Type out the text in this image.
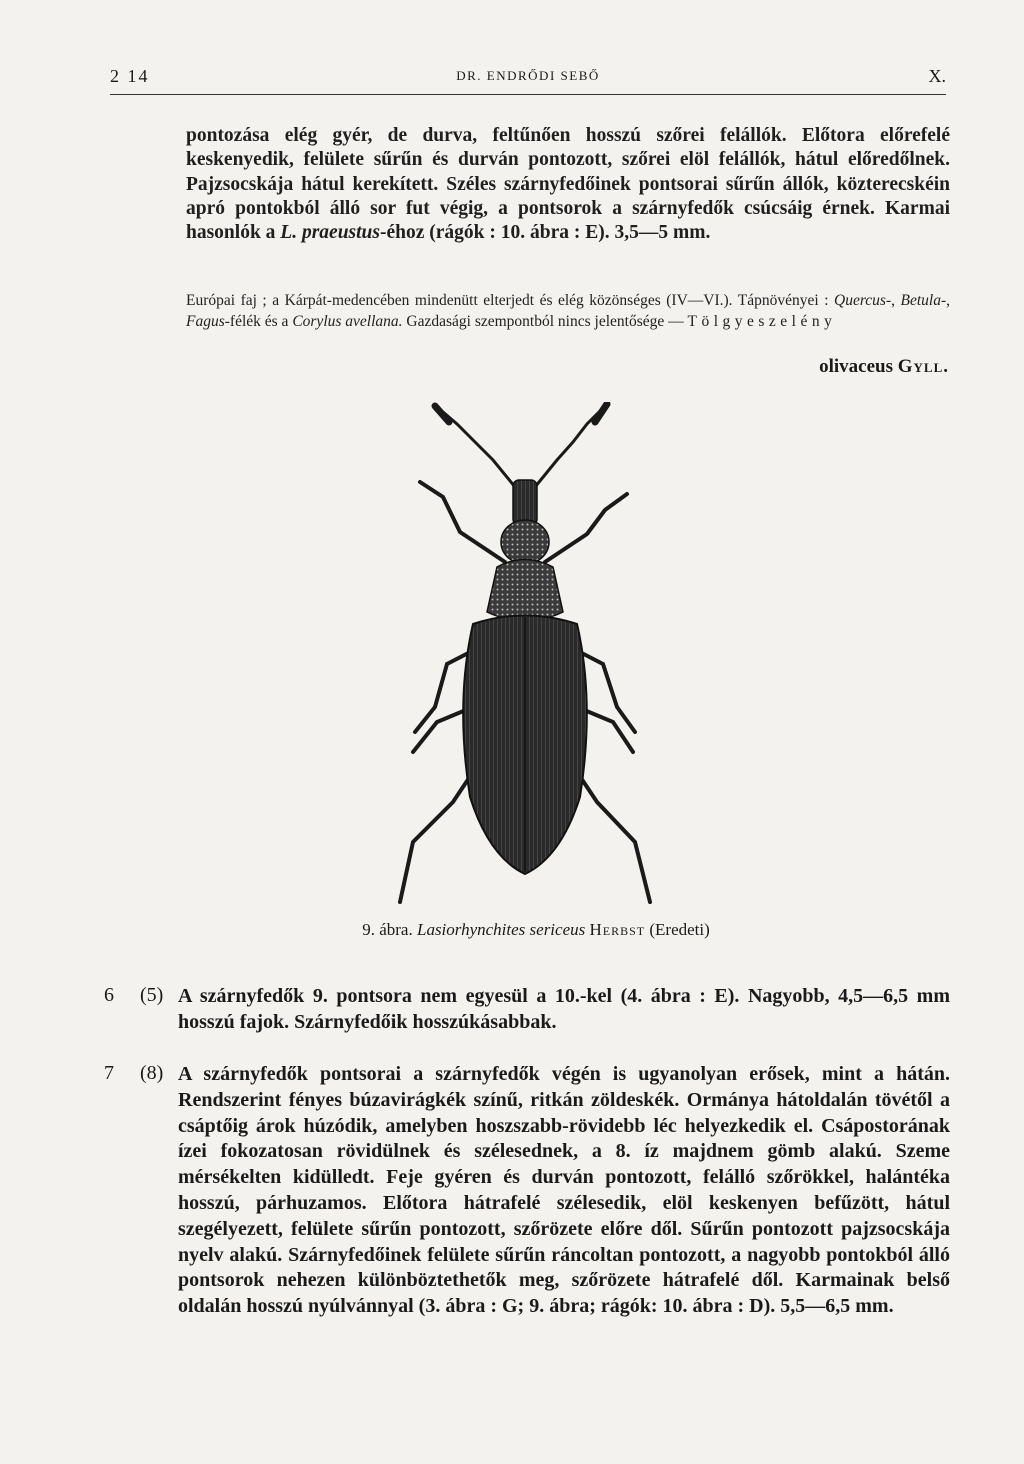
2 14	DR. ENDRŐDI SEBŐ	X.
pontozása elég gyér, de durva, feltűnően hosszú szőrei felállók. Előtora előrefelé keskenyedik, felülete sűrűn és durván pontozott, szőrei elöl felállók, hátul előredőlnek. Pajzsocskája hátul kerekített. Széles szárnyfedőinek pontsorai sűrűn állók, közterecskéin apró pontokból álló sor fut végig, a pontsorok a szárnyfedők csúcsáig érnek. Karmai hasonlók a L. praeustus-éhoz (rágók : 10. ábra : E). 3,5—5 mm.
Európai faj ; a Kárpát-medencében mindenütt elterjedt és elég közönséges (IV—VI.). Tápnövényei : Quercus-, Betula-, Fagus-félék és a Corylus avellana. Gazdasági szempontból nincs jelentősége — Tölgyeszelény
olivaceus Gyll.
9. ábra. Lasiorhynchites sericeus Herbst (Eredeti)
6 (5) A szárnyfedők 9. pontsora nem egyesül a 10.-kel (4. ábra : E). Nagyobb, 4,5—6,5 mm hosszú fajok. Szárnyfedőik hosszúkásabbak.
7 (8) A szárnyfedők pontsorai a szárnyfedők végén is ugyanolyan erősek, mint a hátán. Rendszerint fényes búzavirágkék színű, ritkán zöldeskék. Ormánya hátoldalán tövétől a csáptőig árok húzódik, amelyben hoszszabb-rövidebb léc helyezkedik el. Csápostorának ízei fokozatosan rövidülnek és szélesednek, a 8. íz majdnem gömb alakú. Szeme mérsékelten kidülledt. Feje gyéren és durván pontozott, felálló szőrökkel, halántéka hosszú, párhuzamos. Előtora hátrafelé szélesedik, elöl keskenyen befűzött, hátul szegélyezett, felülete sűrűn pontozott, szőrözete előre dől. Sűrűn pontozott pajzsocskája nyelv alakú. Szárnyfedőinek felülete sűrűn ráncoltan pontozott, a nagyobb pontokból álló pontsorok nehezen különböztethetők meg, szőrözete hátrafelé dől. Karmainak belső oldalán hosszú nyúlvánnyal (3. ábra : G; 9. ábra; rágók: 10. ábra : D). 5,5—6,5 mm.
